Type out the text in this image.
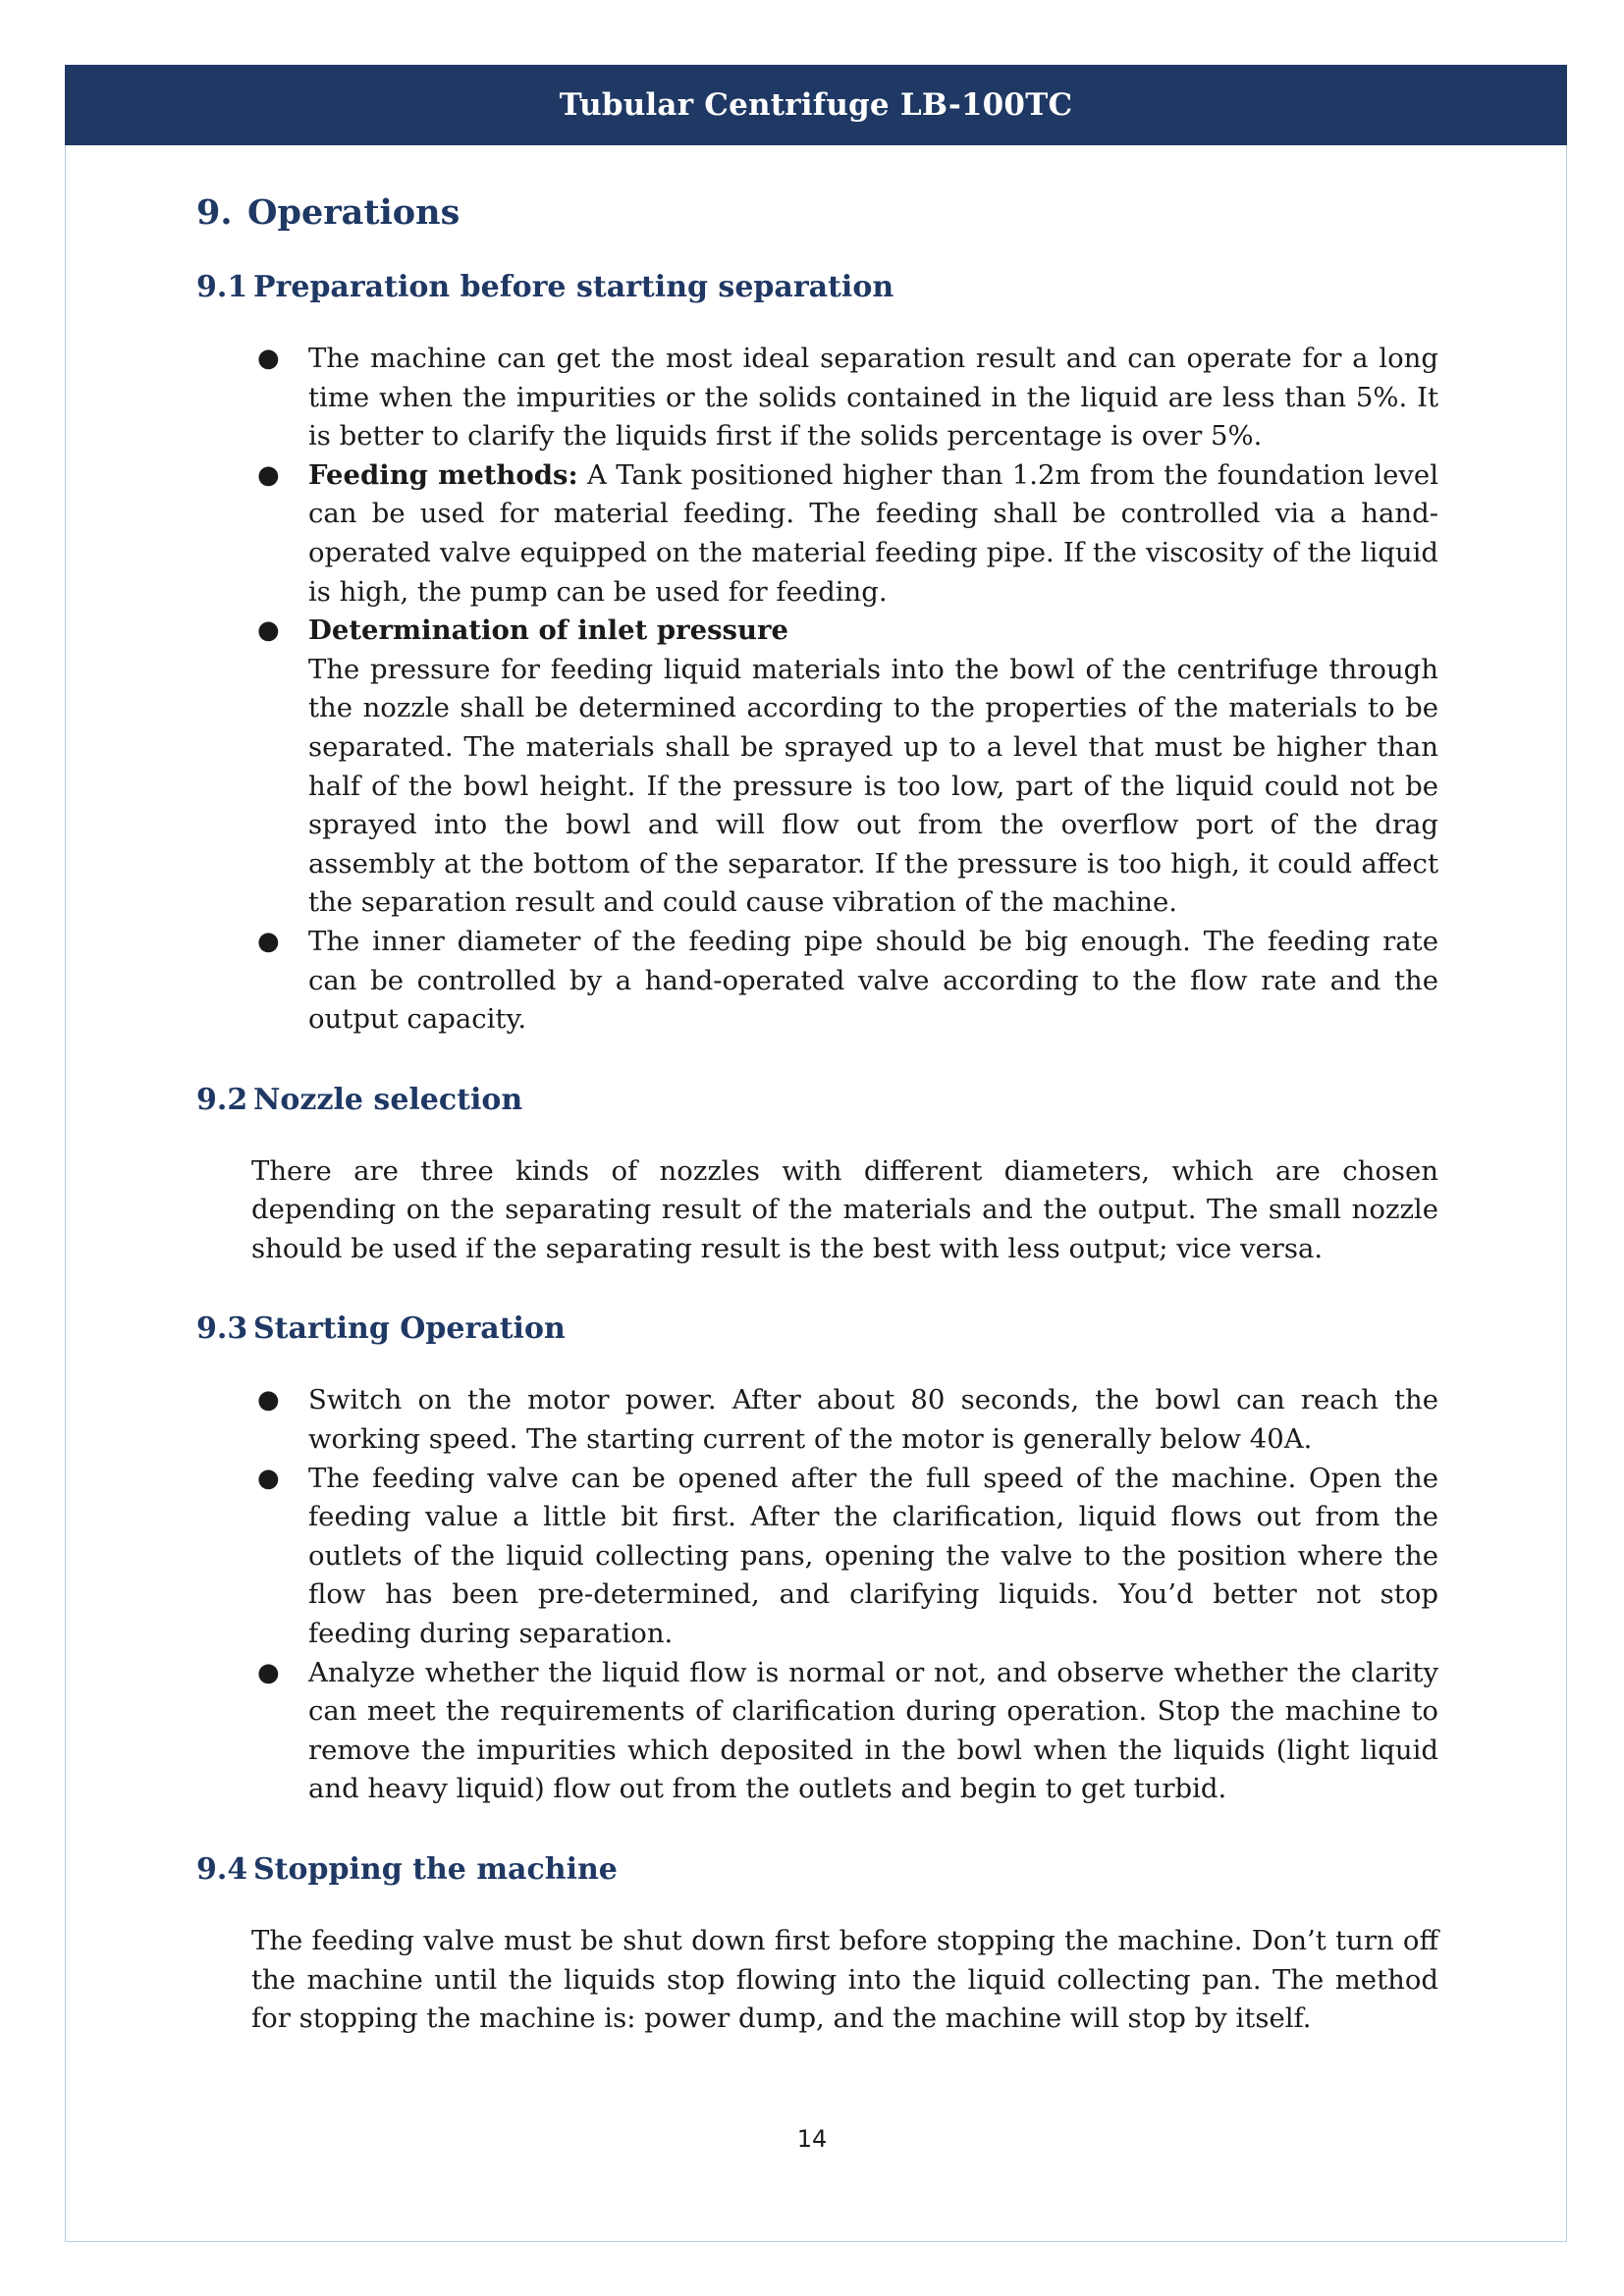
Tubular Centrifuge LB-100TC
9. Operations
9.1 Preparation before starting separation
● The machine can get the most ideal separation result and can operate for a long time when the impurities or the solids contained in the liquid are less than 5%. It is better to clarify the liquids first if the solids percentage is over 5%.
● Feeding methods: A Tank positioned higher than 1.2m from the foundation level can be used for material feeding. The feeding shall be controlled via a hand-operated valve equipped on the material feeding pipe. If the viscosity of the liquid is high, the pump can be used for feeding.
● Determination of inlet pressure
The pressure for feeding liquid materials into the bowl of the centrifuge through the nozzle shall be determined according to the properties of the materials to be separated. The materials shall be sprayed up to a level that must be higher than half of the bowl height. If the pressure is too low, part of the liquid could not be sprayed into the bowl and will flow out from the overflow port of the drag assembly at the bottom of the separator. If the pressure is too high, it could affect the separation result and could cause vibration of the machine.
● The inner diameter of the feeding pipe should be big enough. The feeding rate can be controlled by a hand-operated valve according to the flow rate and the output capacity.
9.2 Nozzle selection

There are three kinds of nozzles with different diameters, which are chosen depending on the separating result of the materials and the output. The small nozzle should be used if the separating result is the best with less output; vice versa.

9.3 Starting Operation
● Switch on the motor power. After about 80 seconds, the bowl can reach the working speed. The starting current of the motor is generally below 40A.
● The feeding valve can be opened after the full speed of the machine. Open the feeding value a little bit first. After the clarification, liquid flows out from the outlets of the liquid collecting pans, opening the valve to the position where the flow has been pre-determined, and clarifying liquids. You’d better not stop feeding during separation.
● Analyze whether the liquid flow is normal or not, and observe whether the clarity can meet the requirements of clarification during operation. Stop the machine to remove the impurities which deposited in the bowl when the liquids (light liquid and heavy liquid) flow out from the outlets and begin to get turbid.
9.4 Stopping the machine

The feeding valve must be shut down first before stopping the machine. Don’t turn off the machine until the liquids stop flowing into the liquid collecting pan. The method for stopping the machine is: power dump, and the machine will stop by itself.

14
